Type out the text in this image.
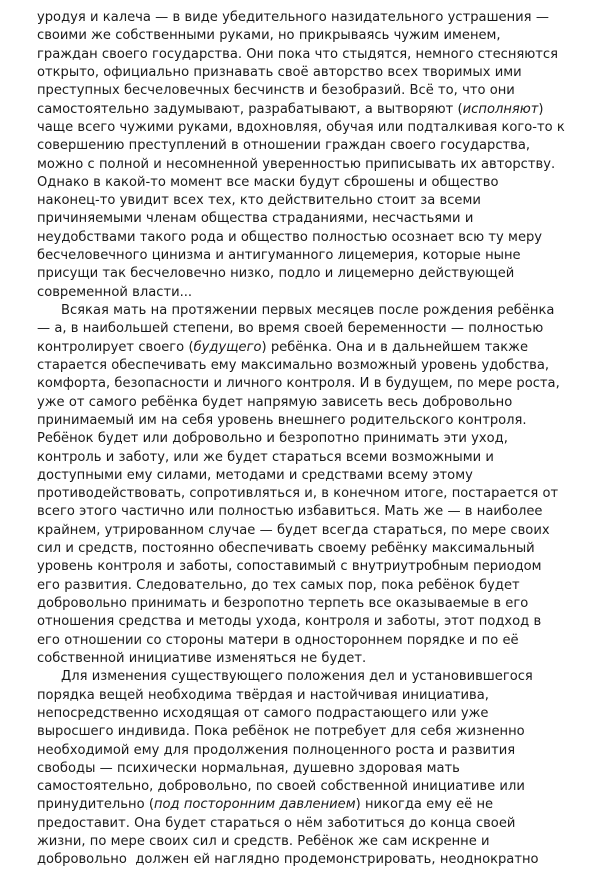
уродуя и калеча — в виде убедительного назидательного устрашения — своими же собственными руками, но прикрываясь чужим именем, граждан своего государства. Они пока что стыдятся, немного стесняются открыто, официально признавать своё авторство всех творимых ими преступных бесчеловечных бесчинств и безобразий. Всё то, что они самостоятельно задумывают, разрабатывают, а вытворяют (исполняют) чаще всего чужими руками, вдохновляя, обучая или подталкивая кого-то к совершению преступлений в отношении граждан своего государства, можно с полной и несомненной уверенностью приписывать их авторству. Однако в какой-то момент все маски будут сброшены и общество наконец-то увидит всех тех, кто действительно стоит за всеми причиняемыми членам общества страданиями, несчастьями и неудобствами такого рода и общество полностью осознает всю ту меру бесчеловечного цинизма и антигуманного лицемерия, которые ныне присущи так бесчеловечно низко, подло и лицемерно действующей современной власти...

Всякая мать на протяжении первых месяцев после рождения ребёнка — а, в наибольшей степени, во время своей беременности — полностью контролирует своего (будущего) ребёнка. Она и в дальнейшем также старается обеспечивать ему максимально возможный уровень удобства, комфорта, безопасности и личного контроля. И в будущем, по мере роста, уже от самого ребёнка будет напрямую зависеть весь добровольно принимаемый им на себя уровень внешнего родительского контроля. Ребёнок будет или добровольно и безропотно принимать эти уход, контроль и заботу, или же будет стараться всеми возможными и доступными ему силами, методами и средствами всему этому противодействовать, сопротивляться и, в конечном итоге, постарается от всего этого частично или полностью избавиться. Мать же — в наиболее крайнем, утрированном случае — будет всегда стараться, по мере своих сил и средств, постоянно обеспечивать своему ребёнку максимальный уровень контроля и заботы, сопоставимый с внутриутробным периодом его развития. Следовательно, до тех самых пор, пока ребёнок будет добровольно принимать и безропотно терпеть все оказываемые в его отношения средства и методы ухода, контроля и заботы, этот подход в его отношении со стороны матери в одностороннем порядке и по её собственной инициативе изменяться не будет.

Для изменения существующего положения дел и установившегося порядка вещей необходима твёрдая и настойчивая инициатива, непосредственно исходящая от самого подрастающего или уже выросшего индивида. Пока ребёнок не потребует для себя жизненно необходимой ему для продолжения полноценного роста и развития свободы — психически нормальная, душевно здоровая мать самостоятельно, добровольно, по своей собственной инициативе или принудительно (под посторонним давлением) никогда ему её не предоставит. Она будет стараться о нём заботиться до конца своей жизни, по мере своих сил и средств. Ребёнок же сам искренне и добровольно  должен ей наглядно продемонстрировать, неоднократно
